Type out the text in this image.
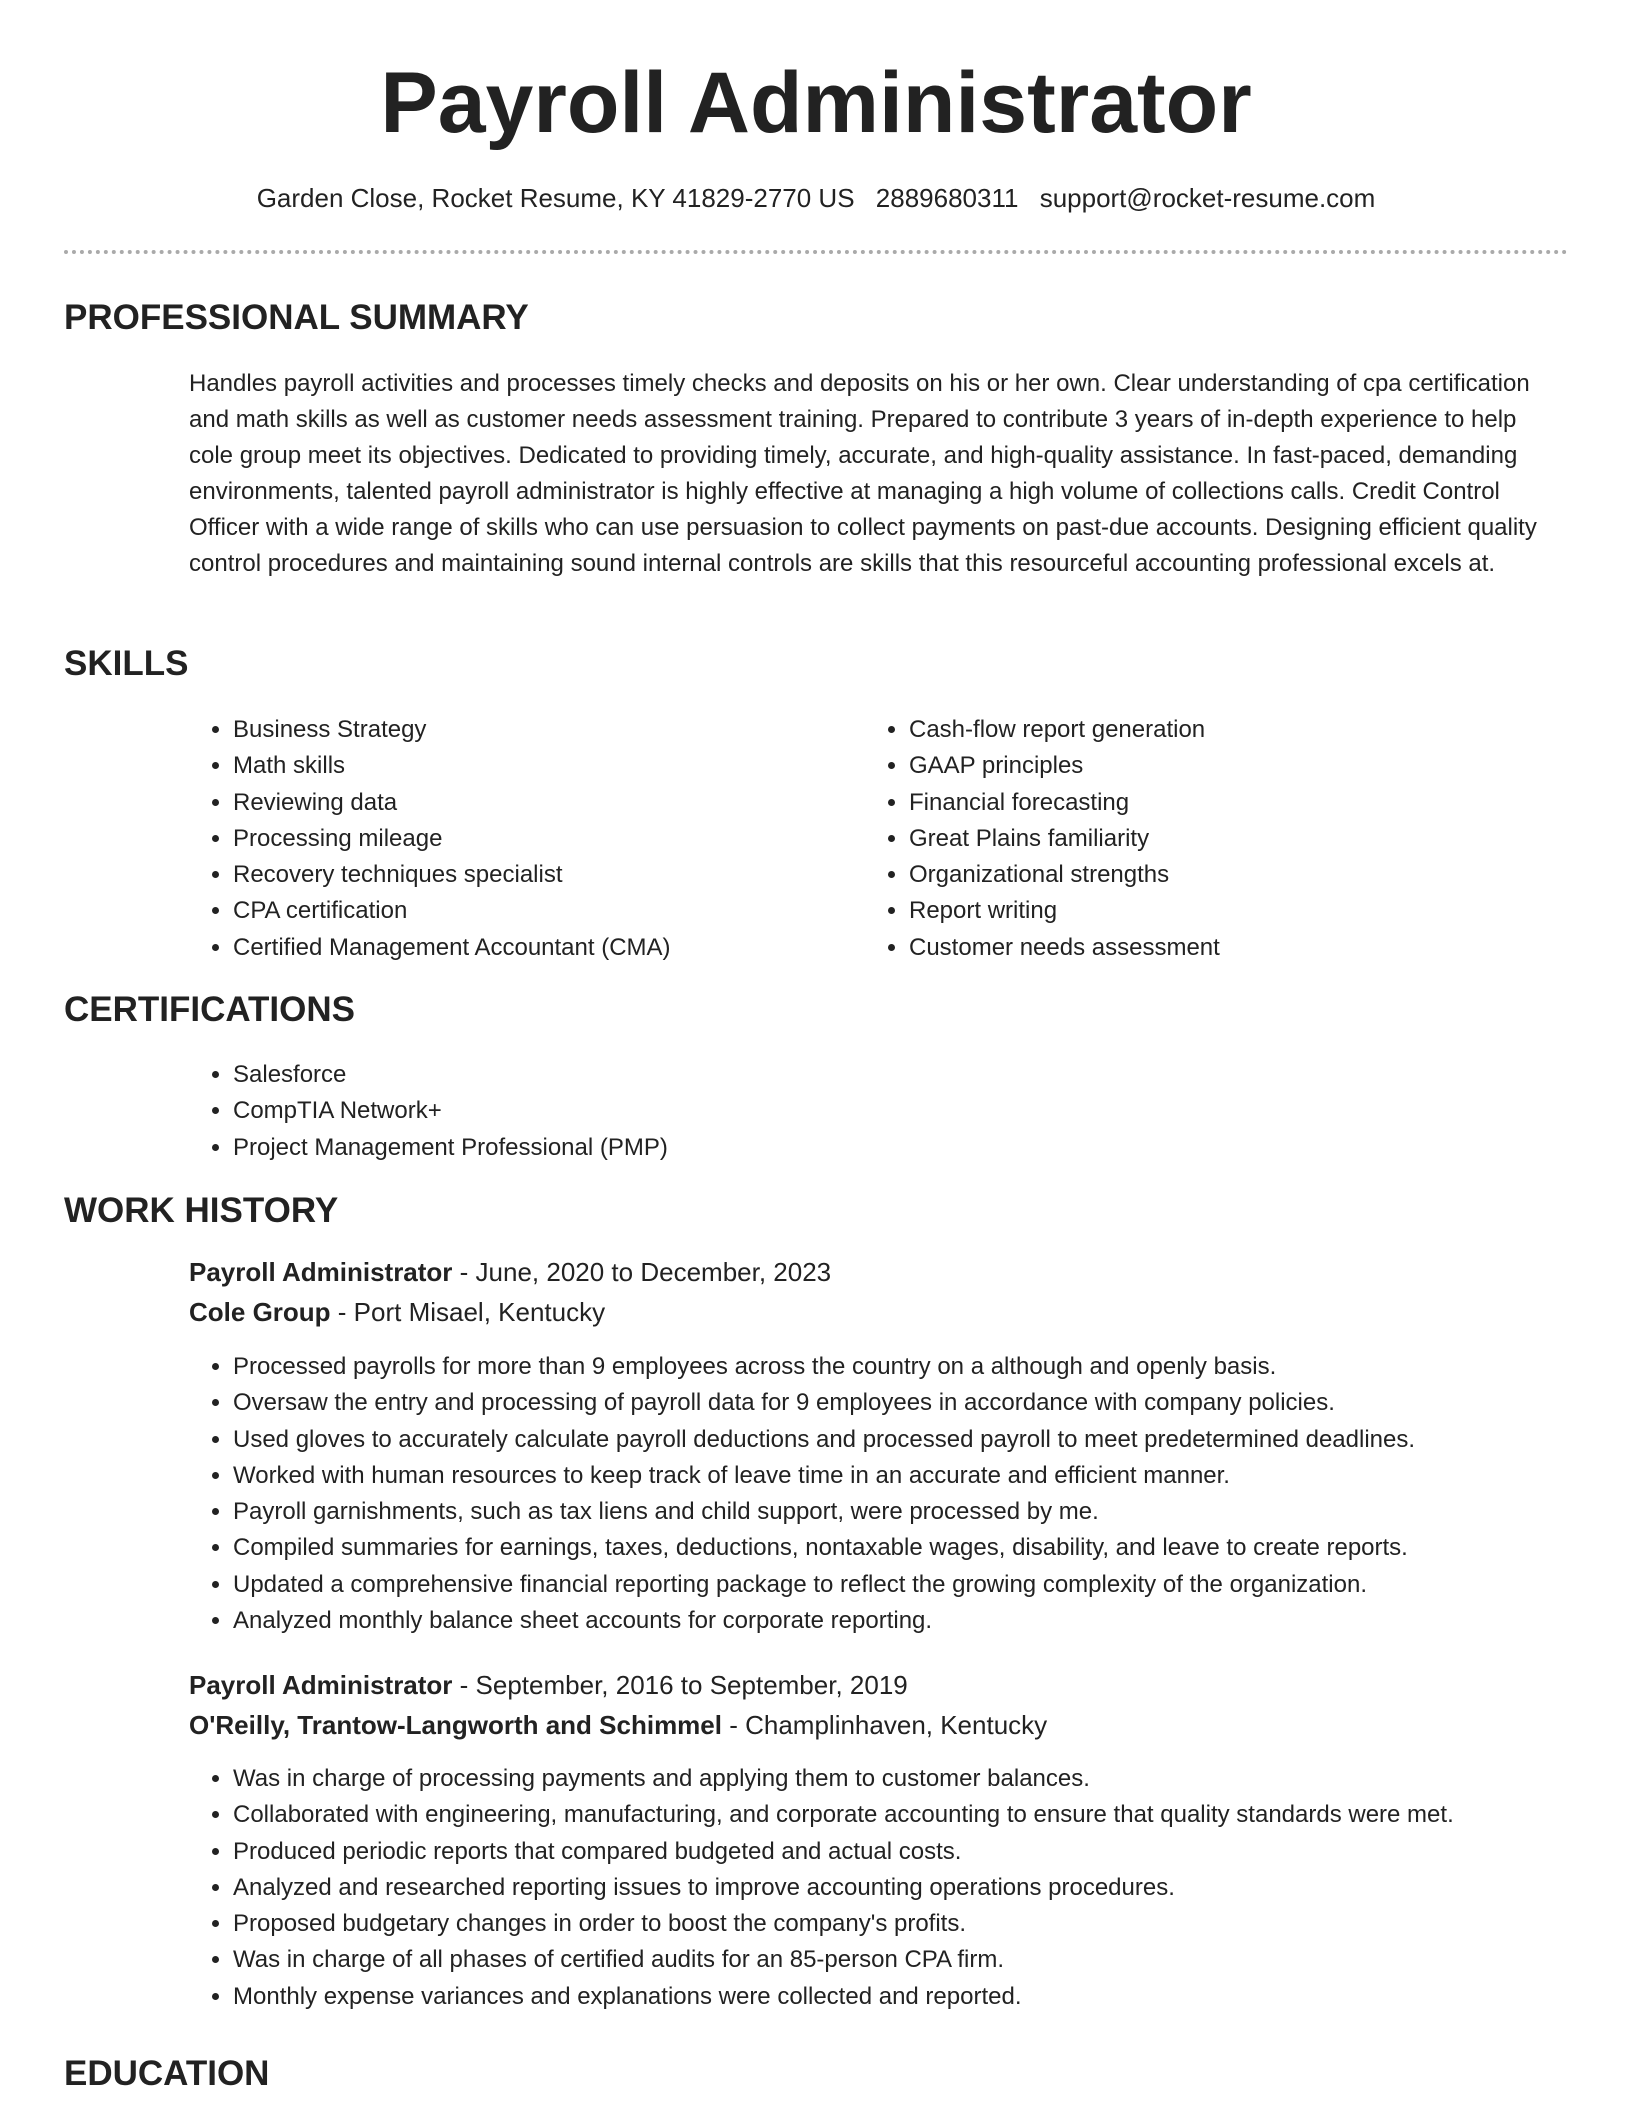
Payroll Administrator
Garden Close, Rocket Resume, KY 41829-2770 US 2889680311 support@rocket-resume.com
PROFESSIONAL SUMMARY

Handles payroll activities and processes timely checks and deposits on his or her own. Clear understanding of cpa certification and math skills as well as customer needs assessment training. Prepared to contribute 3 years of in-depth experience to help cole group meet its objectives. Dedicated to providing timely, accurate, and high-quality assistance. In fast-paced, demanding environments, talented payroll administrator is highly effective at managing a high volume of collections calls. Credit Control Officer with a wide range of skills who can use persuasion to collect payments on past-due accounts. Designing efficient quality control procedures and maintaining sound internal controls are skills that this resourceful accounting professional excels at.

SKILLS
• Business Strategy
• Math skills
• Reviewing data
• Processing mileage
• Recovery techniques specialist
• CPA certification
• Certified Management Accountant (CMA)
• Cash-flow report generation
• GAAP principles
• Financial forecasting
• Great Plains familiarity
• Organizational strengths
• Report writing
• Customer needs assessment
CERTIFICATIONS
• Salesforce
• CompTIA Network+
• Project Management Professional (PMP)
WORK HISTORY
Payroll Administrator - June, 2020 to December, 2023
Cole Group - Port Misael, Kentucky
• Processed payrolls for more than 9 employees across the country on a although and openly basis.
• Oversaw the entry and processing of payroll data for 9 employees in accordance with company policies.
• Used gloves to accurately calculate payroll deductions and processed payroll to meet predetermined deadlines.
• Worked with human resources to keep track of leave time in an accurate and efficient manner.
• Payroll garnishments, such as tax liens and child support, were processed by me.
• Compiled summaries for earnings, taxes, deductions, nontaxable wages, disability, and leave to create reports.
• Updated a comprehensive financial reporting package to reflect the growing complexity of the organization.
• Analyzed monthly balance sheet accounts for corporate reporting.
Payroll Administrator - September, 2016 to September, 2019
O'Reilly, Trantow-Langworth and Schimmel - Champlinhaven, Kentucky
• Was in charge of processing payments and applying them to customer balances.
• Collaborated with engineering, manufacturing, and corporate accounting to ensure that quality standards were met.
• Produced periodic reports that compared budgeted and actual costs.
• Analyzed and researched reporting issues to improve accounting operations procedures.
• Proposed budgetary changes in order to boost the company's profits.
• Was in charge of all phases of certified audits for an 85-person CPA firm.
• Monthly expense variances and explanations were collected and reported.
EDUCATION
